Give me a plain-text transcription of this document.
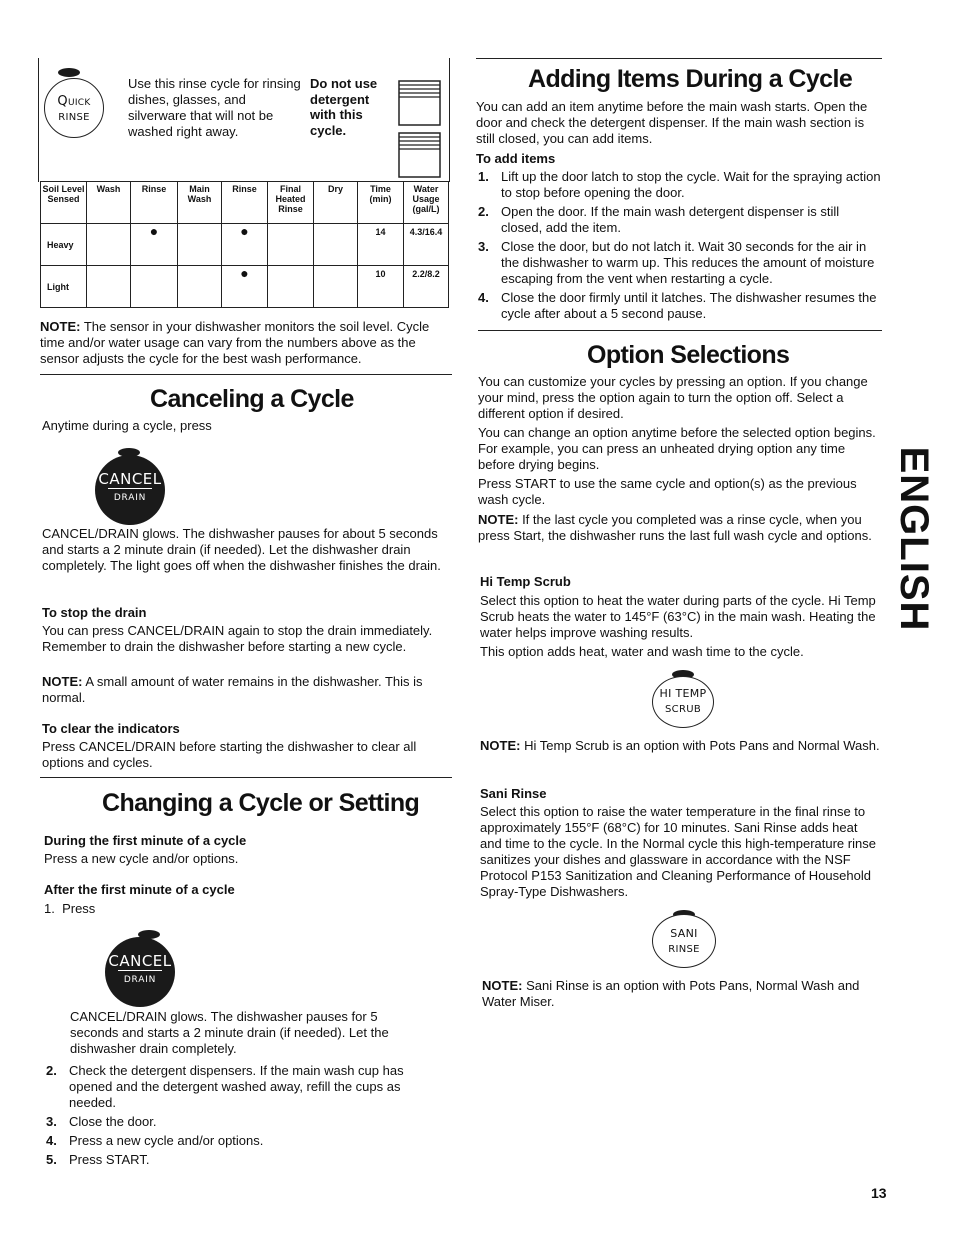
Quick
RINSE

Use this rinse cycle for rinsing dishes, glasses, and silverware that will not be washed right away.

Do not use detergent with this cycle.

Soil Level Sensed	Wash	Rinse	Main Wash	Rinse	Final Heated Rinse	Dry	Time (min)	Water Usage (gal/L)
Heavy		●		●			14	4.3/16.4
Light				●			10	2.2/8.2

NOTE: The sensor in your dishwasher monitors the soil level. Cycle time and/or water usage can vary from the numbers above as the sensor adjusts the cycle for the best wash performance.

Canceling a Cycle

Anytime during a cycle, press

CANCEL
DRAIN

CANCEL/DRAIN glows. The dishwasher pauses for about 5 seconds and starts a 2 minute drain (if needed). Let the dishwasher drain completely. The light goes off when the dishwasher finishes the drain.

To stop the drain

You can press CANCEL/DRAIN again to stop the drain immediately. Remember to drain the dishwasher before starting a new cycle.

NOTE: A small amount of water remains in the dishwasher. This is normal.

To clear the indicators

Press CANCEL/DRAIN before starting the dishwasher to clear all options and cycles.

Changing a Cycle or Setting

During the first minute of a cycle

Press a new cycle and/or options.

After the first minute of a cycle

1. Press

CANCEL
DRAIN

CANCEL/DRAIN glows. The dishwasher pauses for 5 seconds and starts a 2 minute drain (if needed). Let the dishwasher drain completely.

2. Check the detergent dispensers. If the main wash cup has opened and the detergent washed away, refill the cups as needed.
3. Close the door.
4. Press a new cycle and/or options.
5. Press START.
Adding Items During a Cycle

You can add an item anytime before the main wash starts. Open the door and check the detergent dispenser. If the main wash section is still closed, you can add items.

To add items

1. Lift up the door latch to stop the cycle. Wait for the spraying action to stop before opening the door.
2. Open the door. If the main wash detergent dispenser is still closed, add the item.
3. Close the door, but do not latch it. Wait 30 seconds for the air in the dishwasher to warm up. This reduces the amount of moisture escaping from the vent when restarting a cycle.
4. Close the door firmly until it latches. The dishwasher resumes the cycle after about a 5 second pause.
Option Selections

You can customize your cycles by pressing an option. If you change your mind, press the option again to turn the option off. Select a different option if desired.

You can change an option anytime before the selected option begins. For example, you can press an unheated drying option any time before drying begins.

Press START to use the same cycle and option(s) as the previous wash cycle.

NOTE: If the last cycle you completed was a rinse cycle, when you press Start, the dishwasher runs the last full wash cycle and options.

Hi Temp Scrub

Select this option to heat the water during parts of the cycle. Hi Temp Scrub heats the water to 145°F (63°C) in the main wash. Heating the water helps improve washing results.

This option adds heat, water and wash time to the cycle.

HI TEMP
SCRUB

NOTE: Hi Temp Scrub is an option with Pots Pans and Normal Wash.

Sani Rinse

Select this option to raise the water temperature in the final rinse to approximately 155°F (68°C) for 10 minutes. Sani Rinse adds heat and time to the cycle. In the Normal cycle this high-temperature rinse sanitizes your dishes and glassware in accordance with the NSF Protocol P153 Sanitization and Cleaning Performance of Household Spray-Type Dishwashers.

SANI
RINSE

NOTE: Sani Rinse is an option with Pots Pans, Normal Wash and Water Miser.

ENGLISH

13
